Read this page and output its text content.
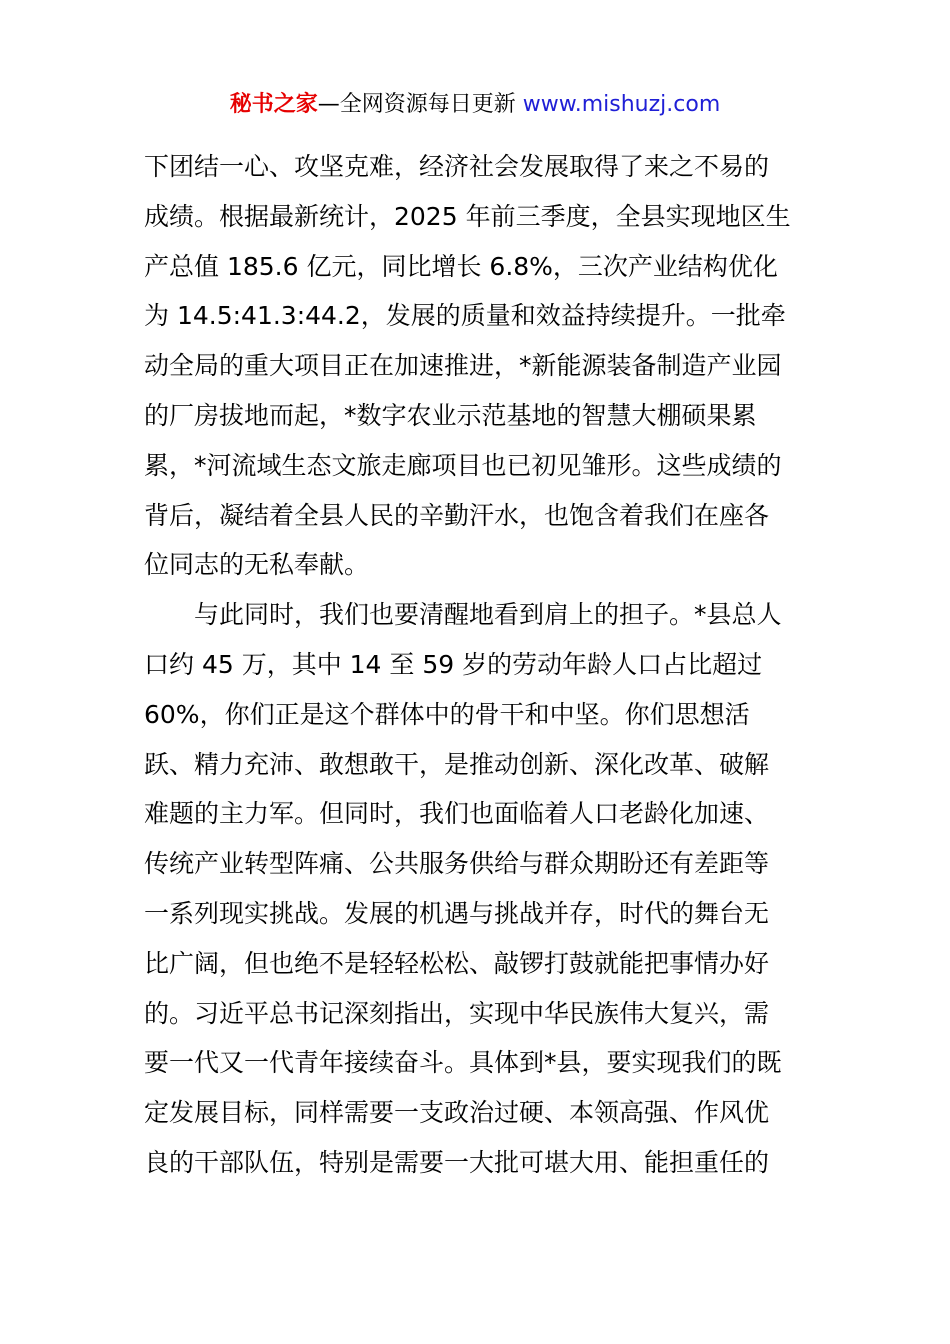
秘书之家—全网资源每日更新 www.mishuzj.com
下团结一心、攻坚克难，经济社会发展取得了来之不易的
成绩。根据最新统计，2025 年前三季度，全县实现地区生
产总值 185.6 亿元，同比增长 6.8%，三次产业结构优化
为 14.5:41.3:44.2，发展的质量和效益持续提升。一批牵
动全局的重大项目正在加速推进，*新能源装备制造产业园
的厂房拔地而起，*数字农业示范基地的智慧大棚硕果累
累，*河流域生态文旅走廊项目也已初见雏形。这些成绩的
背后，凝结着全县人民的辛勤汗水，也饱含着我们在座各
位同志的无私奉献。
　　与此同时，我们也要清醒地看到肩上的担子。*县总人
口约 45 万，其中 14 至 59 岁的劳动年龄人口占比超过
60%，你们正是这个群体中的骨干和中坚。你们思想活
跃、精力充沛、敢想敢干，是推动创新、深化改革、破解
难题的主力军。但同时，我们也面临着人口老龄化加速、
传统产业转型阵痛、公共服务供给与群众期盼还有差距等
一系列现实挑战。发展的机遇与挑战并存，时代的舞台无
比广阔，但也绝不是轻轻松松、敲锣打鼓就能把事情办好
的。习近平总书记深刻指出，实现中华民族伟大复兴，需
要一代又一代青年接续奋斗。具体到*县，要实现我们的既
定发展目标，同样需要一支政治过硬、本领高强、作风优
良的干部队伍，特别是需要一大批可堪大用、能担重任的
